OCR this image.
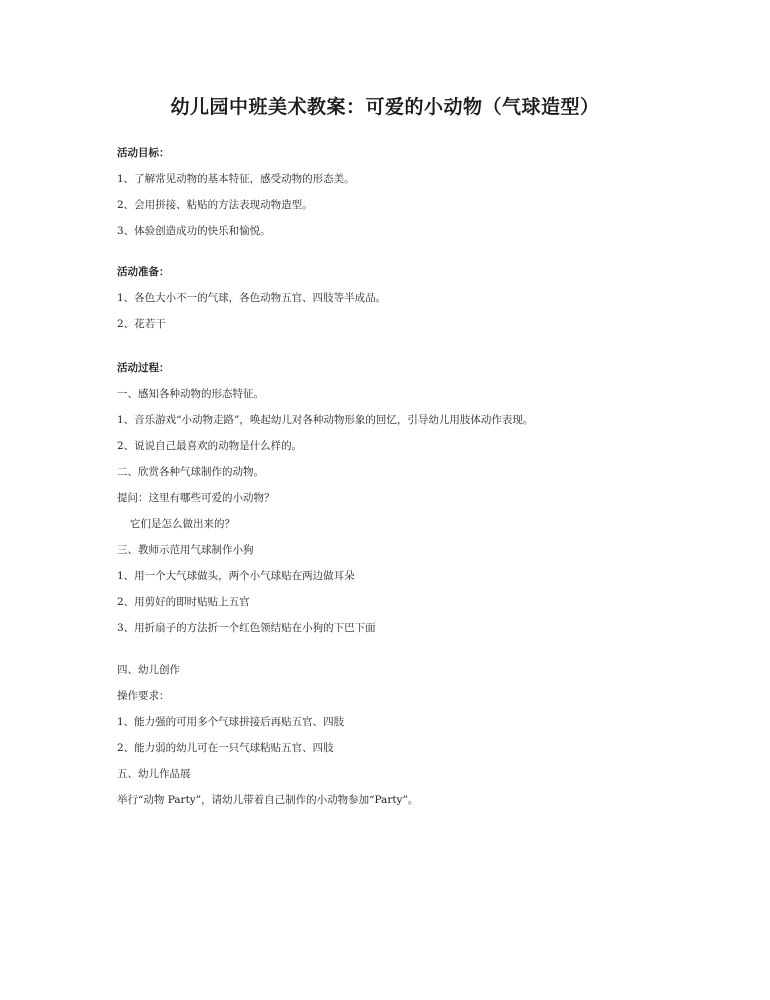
幼儿园中班美术教案：可爱的小动物（气球造型）

活动目标：

1、了解常见动物的基本特征，感受动物的形态美。

2、会用拼接、粘贴的方法表现动物造型。

3、体验创造成功的快乐和愉悦。

活动准备：

1、各色大小不一的气球，各色动物五官、四肢等半成品。

2、花若干

活动过程：

一、感知各种动物的形态特征。

1、音乐游戏“小动物走路”，唤起幼儿对各种动物形象的回忆，引导幼儿用肢体动作表现。

2、说说自己最喜欢的动物是什么样的。

二、欣赏各种气球制作的动物。

提问：这里有哪些可爱的小动物？

它们是怎么做出来的？

三、教师示范用气球制作小狗

1、用一个大气球做头，两个小气球贴在两边做耳朵

2、用剪好的即时贴贴上五官

3、用折扇子的方法折一个红色领结贴在小狗的下巴下面

四、幼儿创作

操作要求：

1、能力强的可用多个气球拼接后再贴五官、四肢

2、能力弱的幼儿可在一只气球粘贴五官、四肢

五、幼儿作品展

举行“动物 Party”，请幼儿带着自己制作的小动物参加“Party”。
